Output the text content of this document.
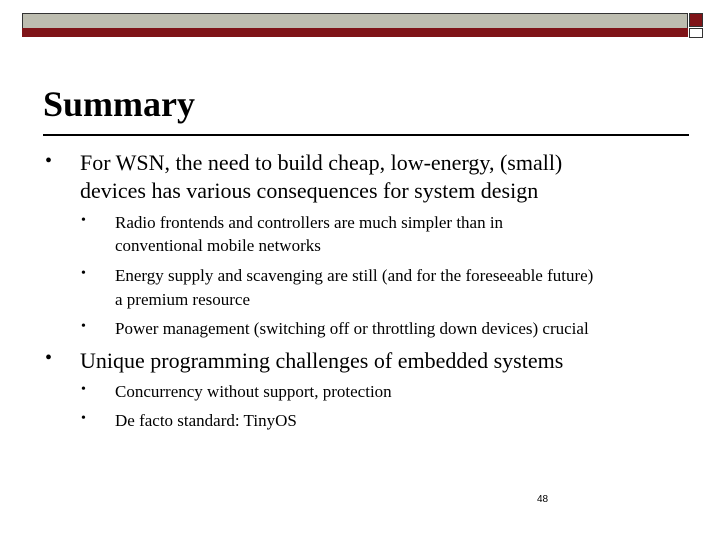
Summary
• For WSN, the need to build cheap, low-energy, (small)
devices has various consequences for system design
• Radio frontends and controllers are much simpler than in
conventional mobile networks
• Energy supply and scavenging are still (and for the foreseeable future)
a premium resource
• Power management (switching off or throttling down devices) crucial
• Unique programming challenges of embedded systems
• Concurrency without support, protection
• De facto standard: TinyOS
48
